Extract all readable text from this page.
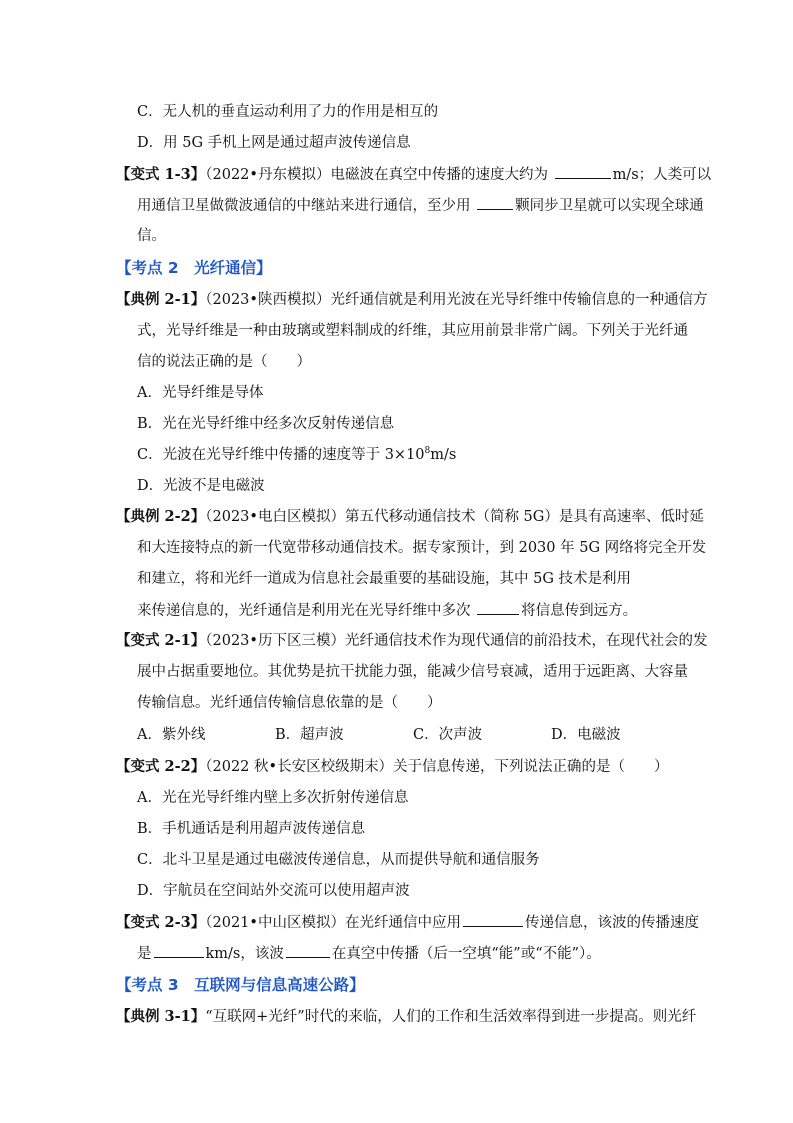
C．无人机的垂直运动利用了力的作用是相互的
D．用 5G 手机上网是通过超声波传递信息
【变式 1-3】（2022•丹东模拟）电磁波在真空中传播的速度大约为	m/s；人类可以
用通信卫星做微波通信的中继站来进行通信，至少用	颗同步卫星就可以实现全球通
信。
【考点 2　光纤通信】
【典例 2-1】（2023•陕西模拟）光纤通信就是利用光波在光导纤维中传输信息的一种通信方
式，光导纤维是一种由玻璃或塑料制成的纤维，其应用前景非常广阔。下列关于光纤通
信的说法正确的是（　　）
A．光导纤维是导体
B．光在光导纤维中经多次反射传递信息
C．光波在光导纤维中传播的速度等于 $3\times 10^8m/s$
D．光波不是电磁波
【典例 2-2】（2023•电白区模拟）第五代移动通信技术（简称 5G）是具有高速率、低时延
和大连接特点的新一代宽带移动通信技术。据专家预计，到 2030 年 5G 网络将完全开发
和建立，将和光纤一道成为信息社会最重要的基础设施，其中 5G 技术是利用
来传递信息的，光纤通信是利用光在光导纤维中多次	将信息传到远方。
【变式 2-1】（2023•历下区三模）光纤通信技术作为现代通信的前沿技术，在现代社会的发
展中占据重要地位。其优势是抗干扰能力强，能减少信号衰减，适用于远距离、大容量
传输信息。光纤通信传输信息依靠的是（　　）
A．紫外线	B．超声波	C．次声波	D．电磁波
【变式 2-2】（2022 秋•长安区校级期末）关于信息传递，下列说法正确的是（　　）
A．光在光导纤维内壁上多次折射传递信息
B．手机通话是利用超声波传递信息
C．北斗卫星是通过电磁波传递信息，从而提供导航和通信服务
D．宇航员在空间站外交流可以使用超声波
【变式 2-3】（2021•中山区模拟）在光纤通信中应用	传递信息，该波的传播速度
是	km/s，该波	在真空中传播（后一空填“能”或“不能”）。
【考点 3　互联网与信息高速公路】
【典例 3-1】“互联网+光纤”时代的来临，人们的工作和生活效率得到进一步提高。则光纤
